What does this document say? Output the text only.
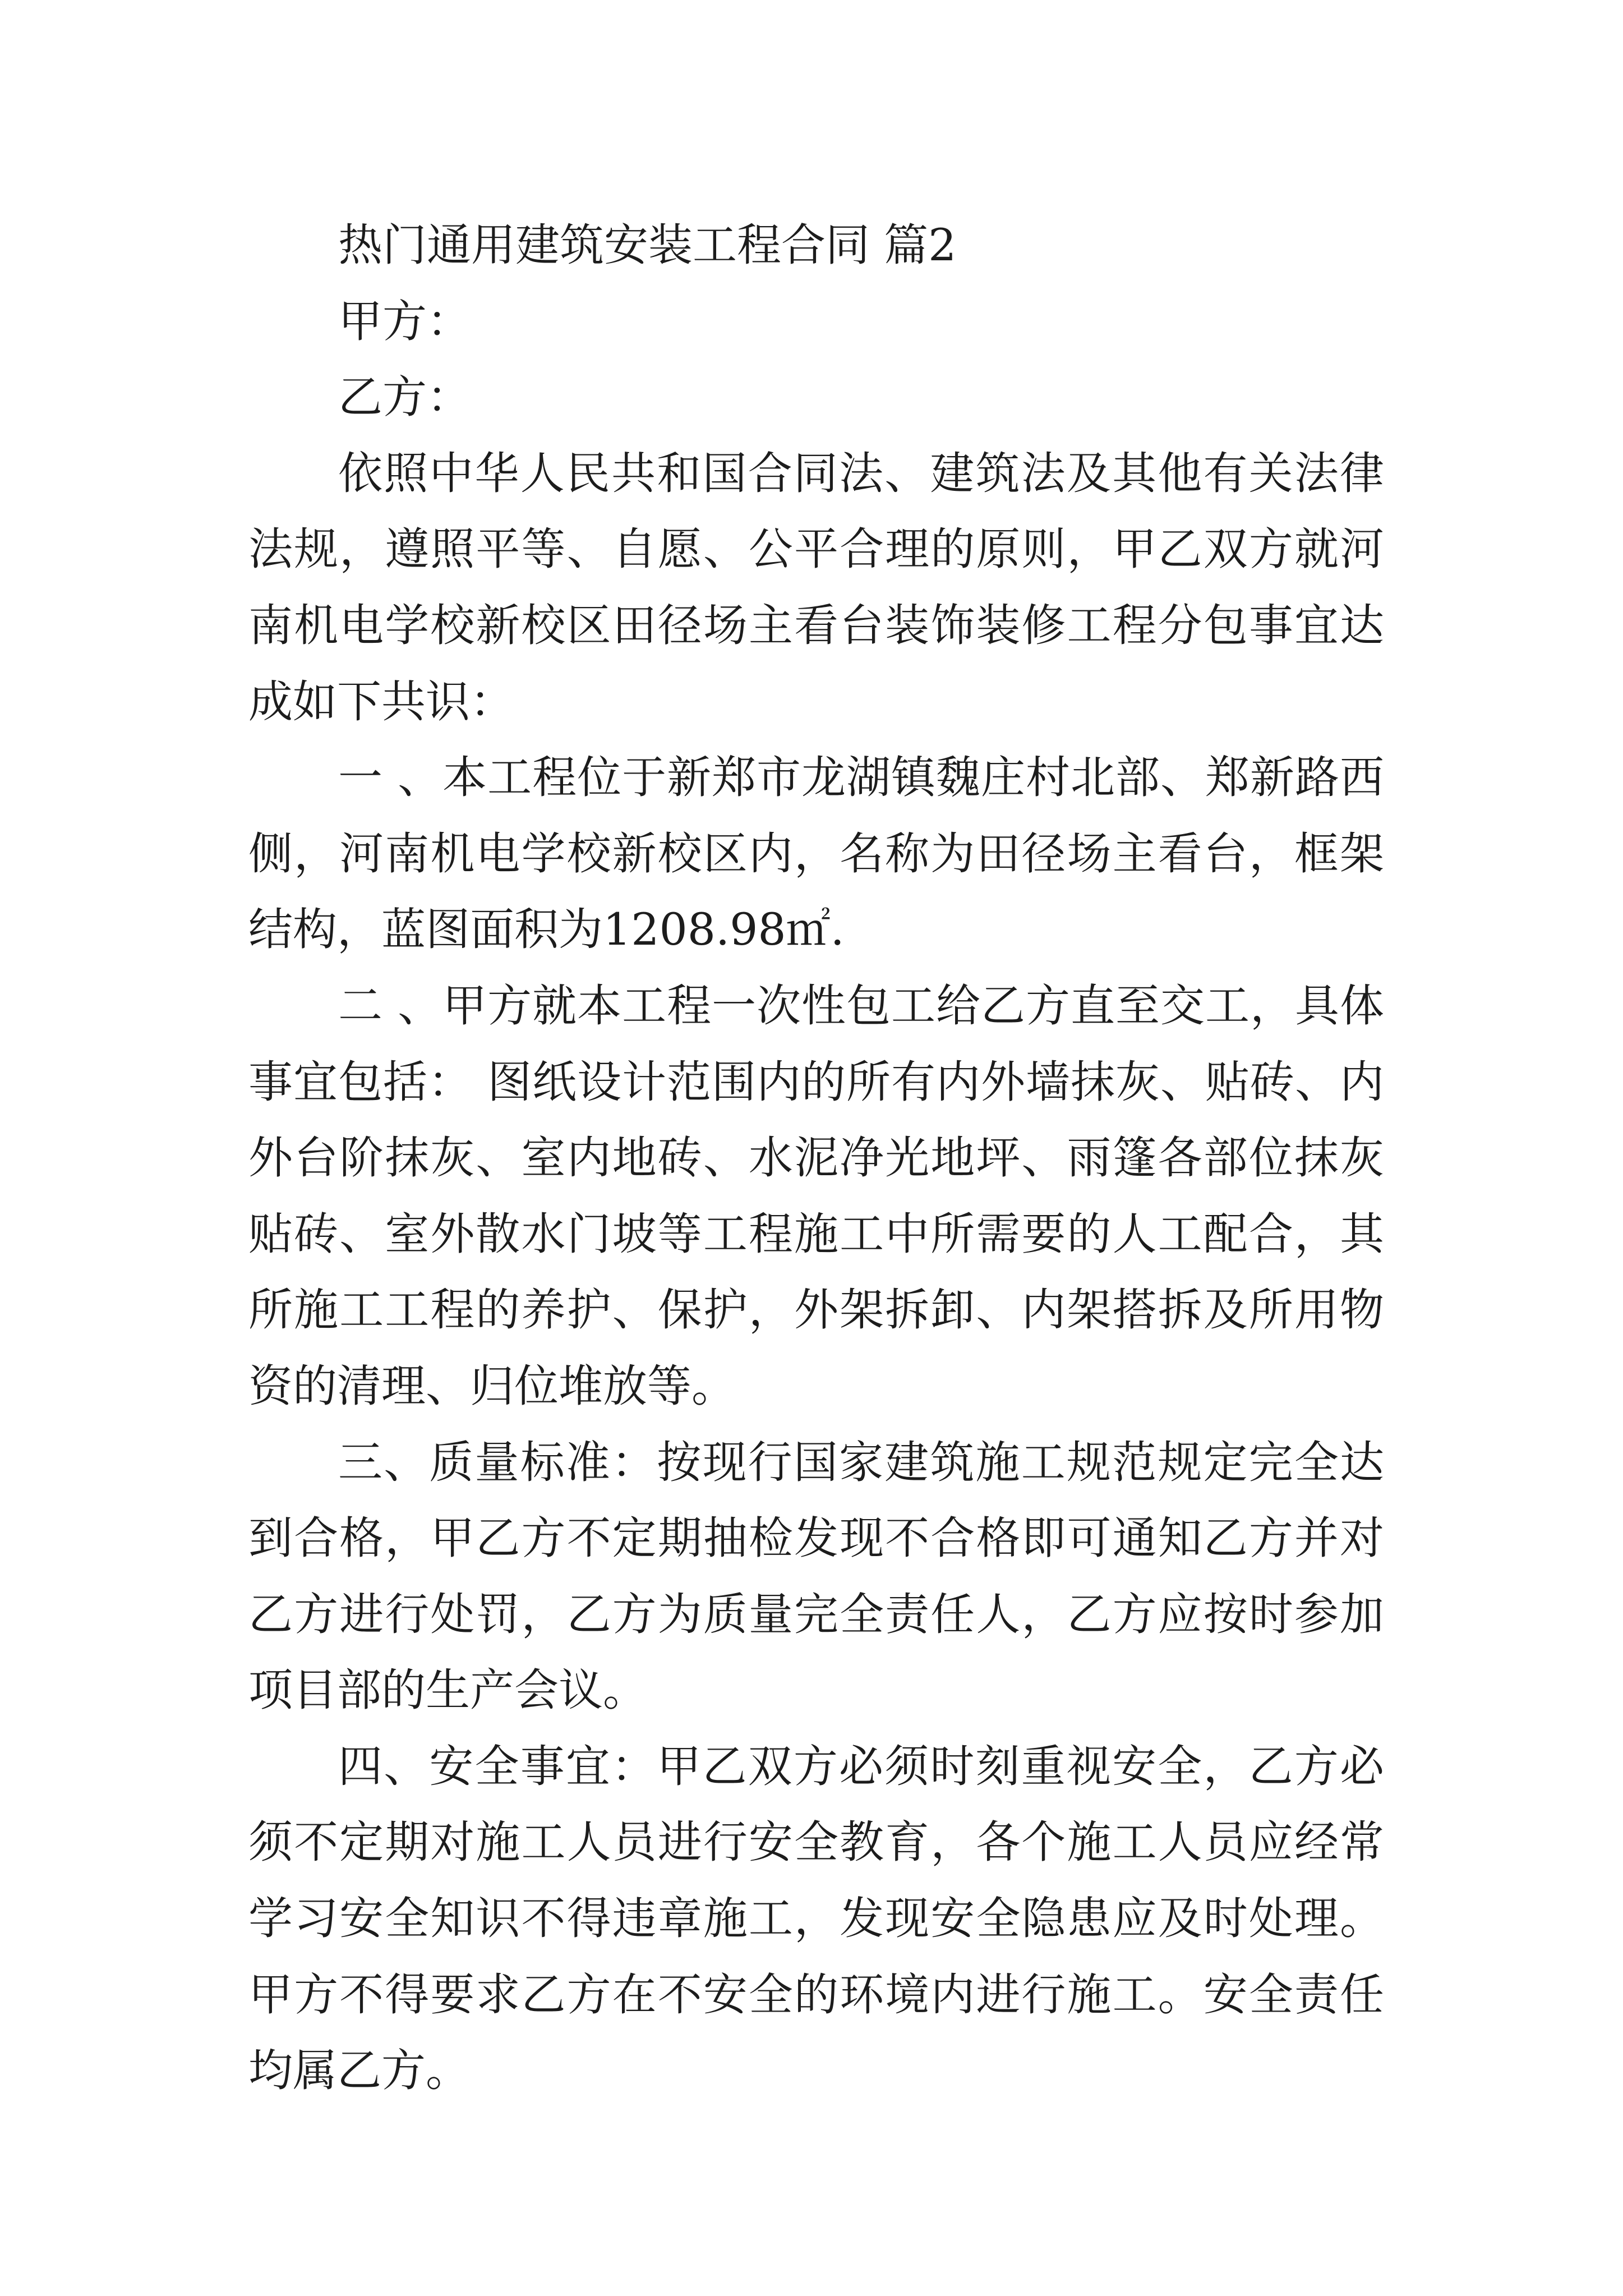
热门通用建筑安装工程合同 篇2

甲方：

乙方：

依照中华人民共和国合同法、建筑法及其他有关法律法规，遵照平等、自愿、公平合理的原则，甲乙双方就河南机电学校新校区田径场主看台装饰装修工程分包事宜达成如下共识：

一 、本工程位于新郑市龙湖镇魏庄村北部、郑新路西侧，河南机电学校新校区内，名称为田径场主看台，框架结构，蓝图面积为1208.98㎡.

二 、甲方就本工程一次性包工给乙方直至交工，具体事宜包括： 图纸设计范围内的所有内外墙抹灰、贴砖、内外台阶抹灰、室内地砖、水泥净光地坪、雨篷各部位抹灰贴砖、室外散水门坡等工程施工中所需要的人工配合，其所施工工程的养护、保护，外架拆卸、内架搭拆及所用物资的清理、归位堆放等。

三、质量标准：按现行国家建筑施工规范规定完全达到合格，甲乙方不定期抽检发现不合格即可通知乙方并对乙方进行处罚，乙方为质量完全责任人，乙方应按时参加项目部的生产会议。

四、安全事宜：甲乙双方必须时刻重视安全，乙方必须不定期对施工人员进行安全教育，各个施工人员应经常学习安全知识不得违章施工，发现安全隐患应及时处理。甲方不得要求乙方在不安全的环境内进行施工。安全责任均属乙方。
